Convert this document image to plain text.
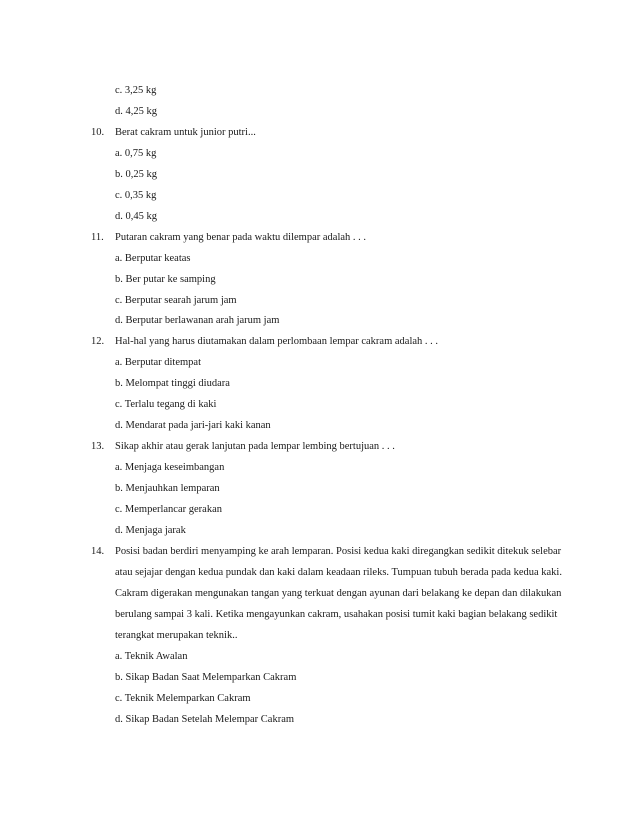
c. 3,25 kg
d. 4,25 kg
10. Berat cakram untuk junior putri...
a. 0,75 kg
b. 0,25 kg
c. 0,35 kg
d. 0,45 kg
11. Putaran cakram yang benar pada waktu dilempar adalah . . .
a. Berputar keatas
b. Ber putar ke samping
c. Berputar searah jarum jam
d. Berputar berlawanan arah jarum jam
12. Hal-hal yang harus diutamakan dalam perlombaan lempar cakram adalah . . .
a. Berputar ditempat
b. Melompat tinggi diudara
c. Terlalu tegang di kaki
d. Mendarat pada jari-jari kaki kanan
13. Sikap akhir atau gerak lanjutan pada lempar lembing bertujuan . . .
a. Menjaga keseimbangan
b. Menjauhkan lemparan
c. Memperlancar gerakan
d. Menjaga jarak
14. Posisi badan berdiri menyamping ke arah lemparan. Posisi kedua kaki diregangkan sedikit ditekuk selebar
atau sejajar dengan kedua pundak dan kaki dalam keadaan rileks. Tumpuan tubuh berada pada kedua kaki.
Cakram digerakan mengunakan tangan yang terkuat dengan ayunan dari belakang ke depan dan dilakukan
berulang sampai 3 kali. Ketika mengayunkan cakram, usahakan posisi tumit kaki bagian belakang sedikit
terangkat merupakan teknik..
a. Teknik Awalan
b. Sikap Badan Saat Melemparkan Cakram
c. Teknik Melemparkan Cakram
d. Sikap Badan Setelah Melempar Cakram
